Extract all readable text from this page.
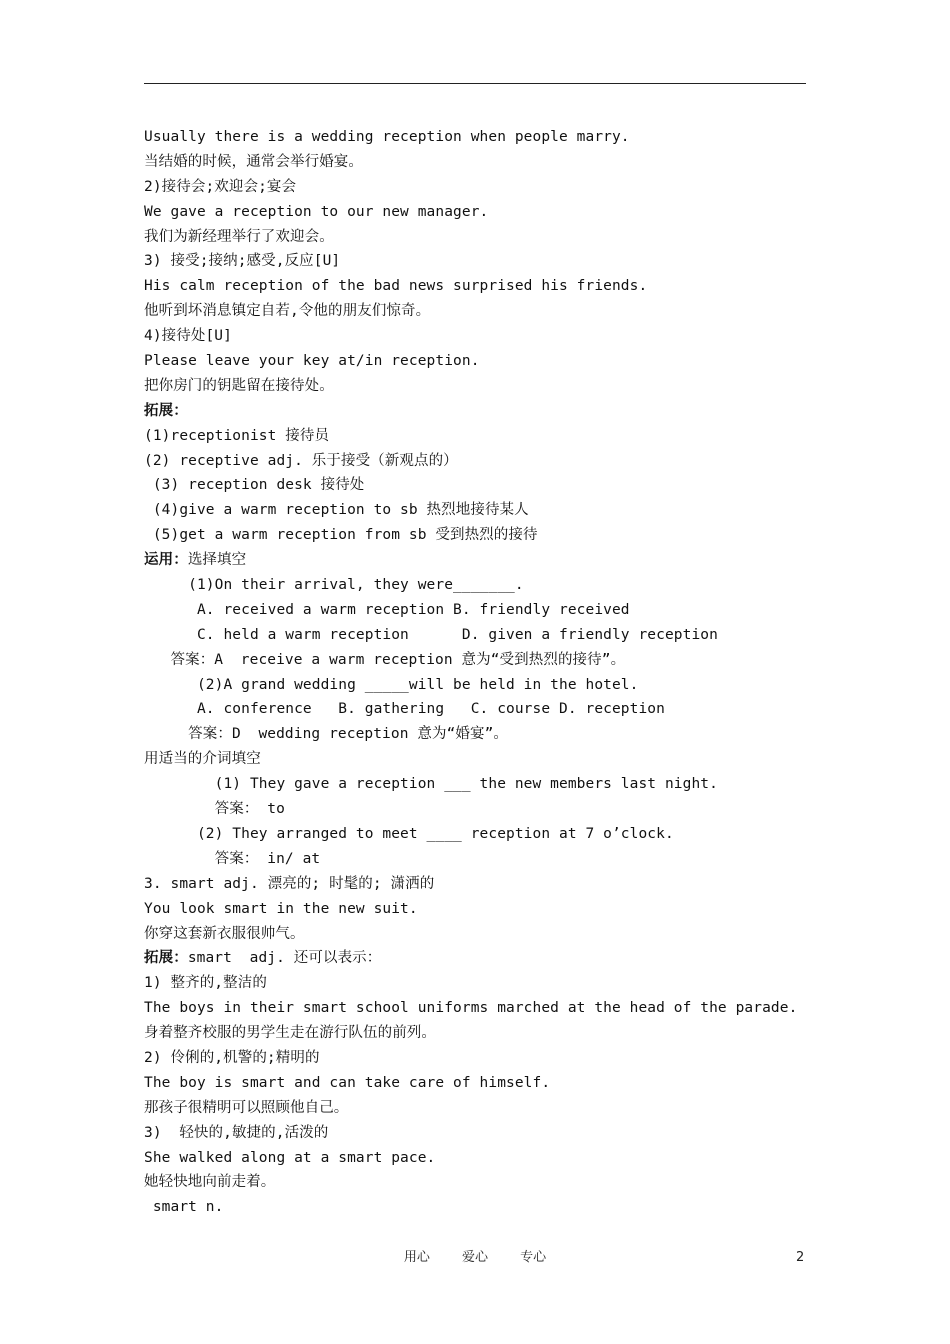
Usually there is a wedding reception when people marry.
当结婚的时候，通常会举行婚宴。
2)接待会;欢迎会;宴会
We gave a reception to our new manager.
我们为新经理举行了欢迎会。
3) 接受;接纳;感受,反应[U]
His calm reception of the bad news surprised his friends.
他听到坏消息镇定自若,令他的朋友们惊奇。
4)接待处[U]
Please leave your key at/in reception.
把你房门的钥匙留在接待处。
拓展：
(1)receptionist 接待员
(2) receptive adj. 乐于接受（新观点的）
(3) reception desk 接待处
(4)give a warm reception to sb 热烈地接待某人
(5)get a warm reception from sb 受到热烈的接待
运用：选择填空
(1)On their arrival, they were_______.
A. received a warm reception B. friendly received
C. held a warm reception      D. given a friendly reception
答案：A  receive a warm reception 意为“受到热烈的接待”。
(2)A grand wedding _____will be held in the hotel.
A. conference   B. gathering   C. course D. reception
答案：D  wedding reception 意为“婚宴”。
用适当的介词填空
(1) They gave a reception ___ the new members last night.
答案： to
(2) They arranged to meet ____ reception at 7 o’clock.
答案： in/ at
3. smart adj. 漂亮的; 时髦的; 潇洒的
You look smart in the new suit.
你穿这套新衣服很帅气。
拓展：smart  adj. 还可以表示：
1) 整齐的,整洁的
The boys in their smart school uniforms marched at the head of the parade.
身着整齐校服的男学生走在游行队伍的前列。
2) 伶俐的,机警的;精明的
The boy is smart and can take care of himself.
那孩子很精明可以照顾他自己。
3)  轻快的,敏捷的,活泼的
She walked along at a smart pace.
她轻快地向前走着。
smart n.
用心 爱心 专心	2
